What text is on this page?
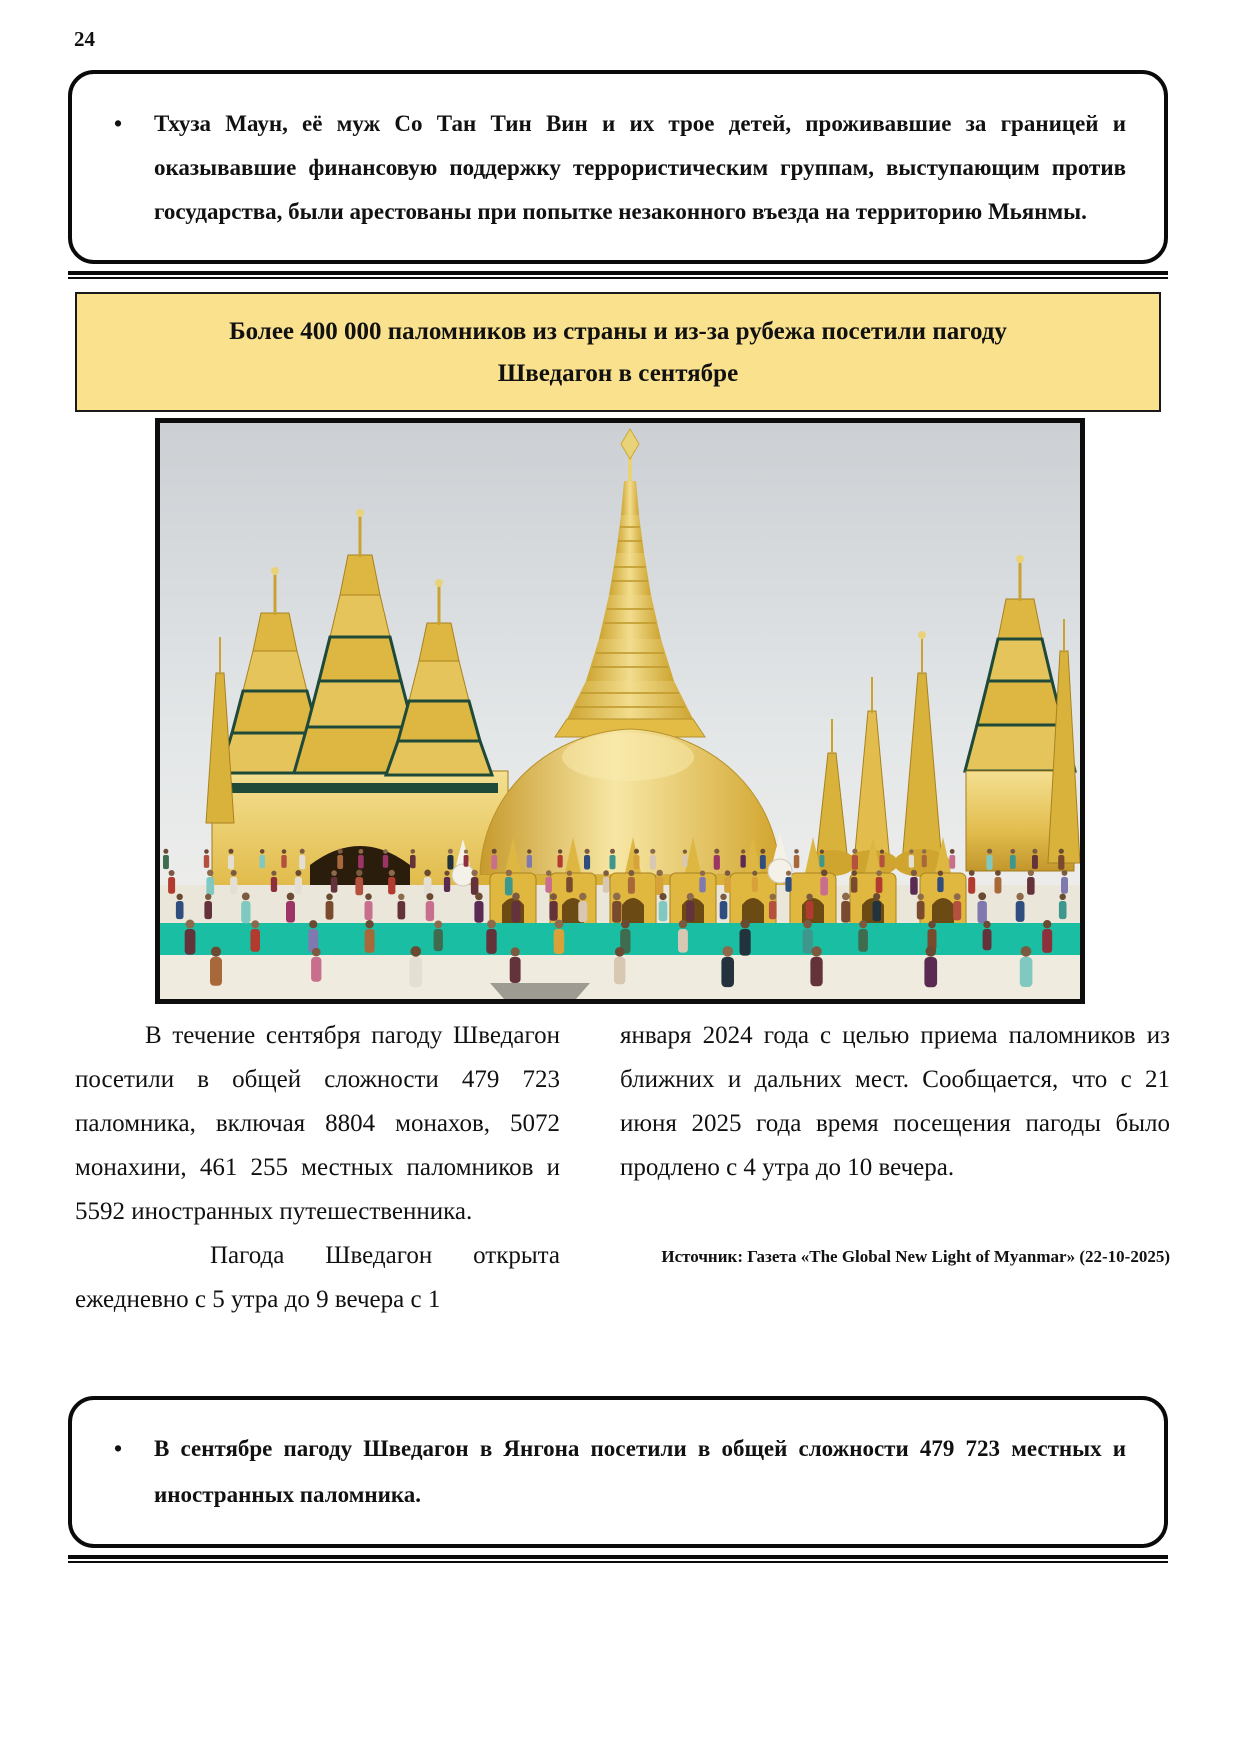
24
•	Тхуза Маун, её муж Со Тан Тин Вин и их трое детей, проживавшие за границей и оказывавшие финансовую поддержку террористическим группам, выступающим против государства, были арестованы при попытке незаконного въезда на территорию Мьянмы.
Более 400 000 паломников из страны и из-за рубежа посетили пагоду
Шведагон в сентябре

В течение сентября пагоду Шведагон посетили в общей сложности 479 723 паломника, включая 8804 монахов, 5072 монахини, 461 255 местных паломников и 5592 иностранных путешественника.

Пагода Шведагон открыта ежедневно с 5 утра до 9 вечера с 1

января 2024 года с целью приема паломников из ближних и дальних мест. Сообщается, что с 21 июня 2025 года время посещения пагоды было продлено с 4 утра до 10 вечера.

Источник: Газета «The Global New Light of Myanmar» (22-10-2025)
•	В сентябре пагоду Шведагон в Янгона посетили в общей сложности 479 723 местных и иностранных паломника.
